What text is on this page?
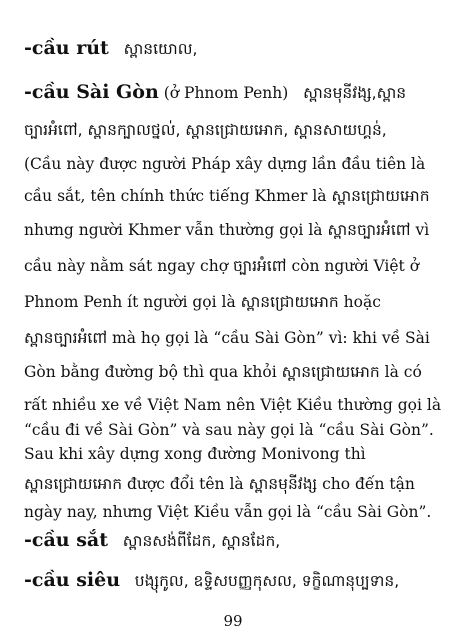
-cầu rút ស្ពានយោល,
-cầu Sài Gòn (ở Phnom Penh) ស្ពានមុនីវង្ស,ស្ពាន
ច្បារអំពៅ, ស្ពានក្បាលថ្នល់, ស្ពានជ្រោយអោក, ស្ពានសាយហ្គន់,
(Cầu này được người Pháp xây dựng lần đầu tiên là
cầu sắt, tên chính thức tiếng Khmer là ស្ពានជ្រោយអោក
nhưng người Khmer vẫn thường gọi là ស្ពានច្បារអំពៅ vì
cầu này nằm sát ngay chợ ច្បារអំពៅ còn người Việt ở
Phnom Penh ít người gọi là ស្ពានជ្រោយអោក hoặc
ស្ពានច្បារអំពៅ mà họ gọi là “cầu Sài Gòn” vì: khi về Sài
Gòn bằng đường bộ thì qua khỏi ស្ពានជ្រោយអោក là có
rất nhiều xe về Việt Nam nên Việt Kiều thường gọi là
“cầu đi về Sài Gòn” và sau này gọi là “cầu Sài Gòn”.
Sau khi xây dựng xong đường Monivong thì
ស្ពានជ្រោយអោក được đổi tên là ស្ពានមុនីវង្ស cho đến tận
ngày nay, nhưng Việt Kiều vẫn gọi là “cầu Sài Gòn”.
-cầu sắt ស្ពានសង់ពីដែក, ស្ពានដែក,
-cầu siêu បង្សុកូល, ឧទ្ទិសបញ្ញកុសល, ទក្ខិណានុប្បទាន,
99
